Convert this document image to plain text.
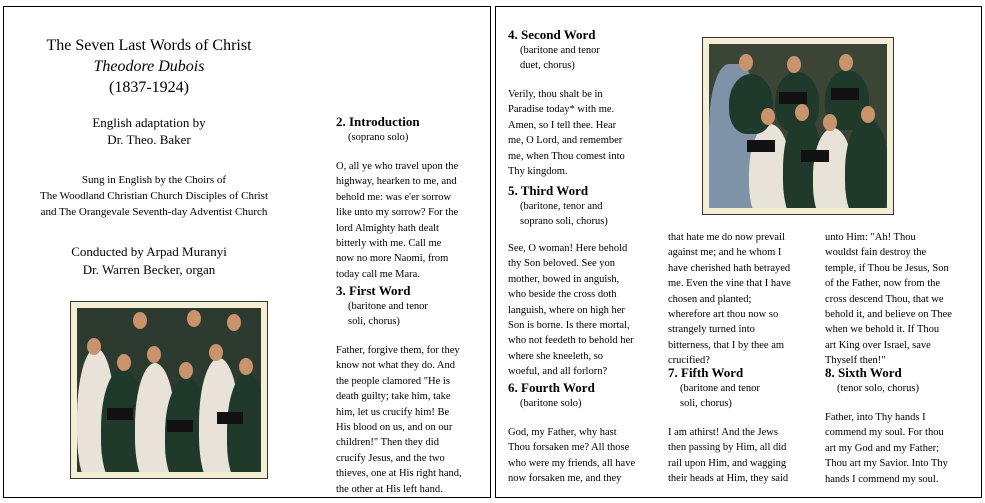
The Seven Last Words of Christ
Theodore Dubois
(1837-1924)
English adaptation by
Dr. Theo. Baker
Sung in English by the Choirs of
The Woodland Christian Church Disciples of Christ
and The Orangevale Seventh-day Adventist Church
Conducted by Arpad Muranyi
Dr. Warren Becker, organ
2. Introduction
(soprano solo)
O, all ye who travel upon the
highway, hearken to me, and
behold me: was e'er sorrow
like unto my sorrow? For the
lord Almighty hath dealt
bitterly with me. Call me
now no more Naomi, from
today call me Mara.
3. First Word
(baritone and tenor
soli, chorus)
Father, forgive them, for they
know not what they do. And
the people clamored "He is
death guilty; take him, take
him, let us crucify him! Be
His blood on us, and on our
children!" Then they did
crucify Jesus, and the two
thieves, one at His right hand,
the other at His left hand.
4. Second Word
(baritone and tenor
duet, chorus)
Verily, thou shalt be in
Paradise today* with me.
Amen, so I tell thee. Hear
me, O Lord, and remember
me, when Thou comest into
Thy kingdom.
5. Third Word
(baritone, tenor and
soprano soli, chorus)
See, O woman! Here behold
thy Son beloved. See yon
mother, bowed in anguish,
who beside the cross doth
languish, where on high her
Son is borne. Is there mortal,
who not feedeth to behold her
where she kneeleth, so
woeful, and all forlorn?
6. Fourth Word
(baritone solo)
God, my Father, why hast
Thou forsaken me? All those
who were my friends, all have
now forsaken me, and they
that hate me do now prevail
against me; and he whom I
have cherished hath betrayed
me. Even the vine that I have
chosen and planted;
wherefore art thou now so
strangely turned into
bitterness, that I by thee am
crucified?
7. Fifth Word
(baritone and tenor
soli, chorus)
I am athirst! And the Jews
then passing by Him, all did
rail upon Him, and wagging
their heads at Him, they said
unto Him: "Ah! Thou
wouldst fain destroy the
temple, if Thou be Jesus, Son
of the Father, now from the
cross descend Thou, that we
behold it, and believe on Thee
when we behold it. If Thou
art King over Israel, save
Thyself then!"
8. Sixth Word
(tenor solo, chorus)
Father, into Thy hands I
commend my soul. For thou
art my God and my Father;
Thou art my Savior. Into Thy
hands I commend my soul.
